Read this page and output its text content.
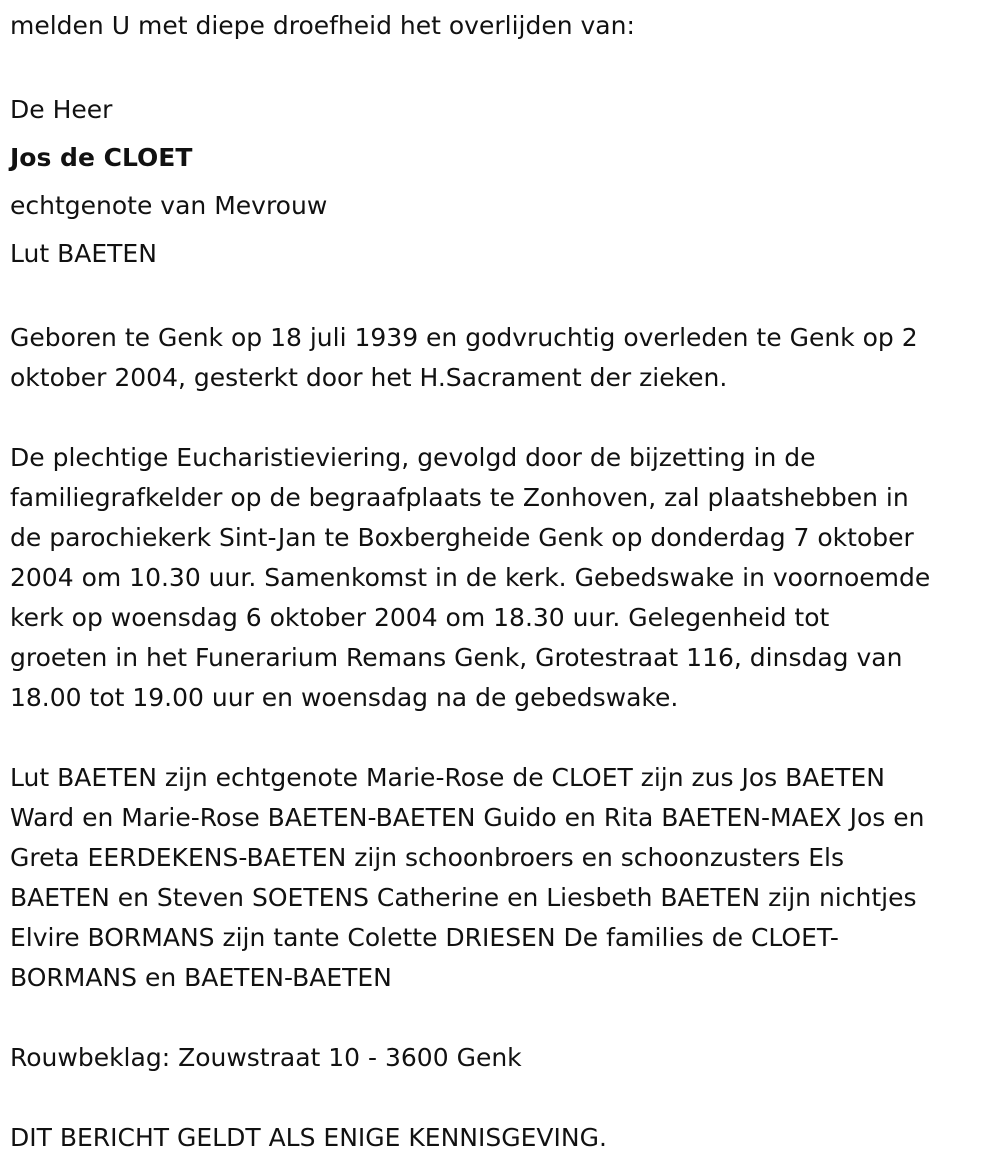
melden U met diepe droefheid het overlijden van:

De Heer

Jos de CLOET

echtgenote van Mevrouw

Lut BAETEN

Geboren te Genk op 18 juli 1939 en godvruchtig overleden te Genk op 2

oktober 2004, gesterkt door het H.Sacrament der zieken.

De plechtige Eucharistieviering, gevolgd door de bijzetting in de

familiegrafkelder op de begraafplaats te Zonhoven, zal plaatshebben in

de parochiekerk Sint-Jan te Boxbergheide Genk op donderdag 7 oktober

2004 om 10.30 uur. Samenkomst in de kerk. Gebedswake in voornoemde

kerk op woensdag 6 oktober 2004 om 18.30 uur. Gelegenheid tot

groeten in het Funerarium Remans Genk, Grotestraat 116, dinsdag van

18.00 tot 19.00 uur en woensdag na de gebedswake.

Lut BAETEN zijn echtgenote Marie-Rose de CLOET zijn zus Jos BAETEN

Ward en Marie-Rose BAETEN-BAETEN Guido en Rita BAETEN-MAEX Jos en

Greta EERDEKENS-BAETEN zijn schoonbroers en schoonzusters Els

BAETEN en Steven SOETENS Catherine en Liesbeth BAETEN zijn nichtjes

Elvire BORMANS zijn tante Colette DRIESEN De families de CLOET-

BORMANS en BAETEN-BAETEN

Rouwbeklag: Zouwstraat 10 - 3600 Genk

DIT BERICHT GELDT ALS ENIGE KENNISGEVING.
